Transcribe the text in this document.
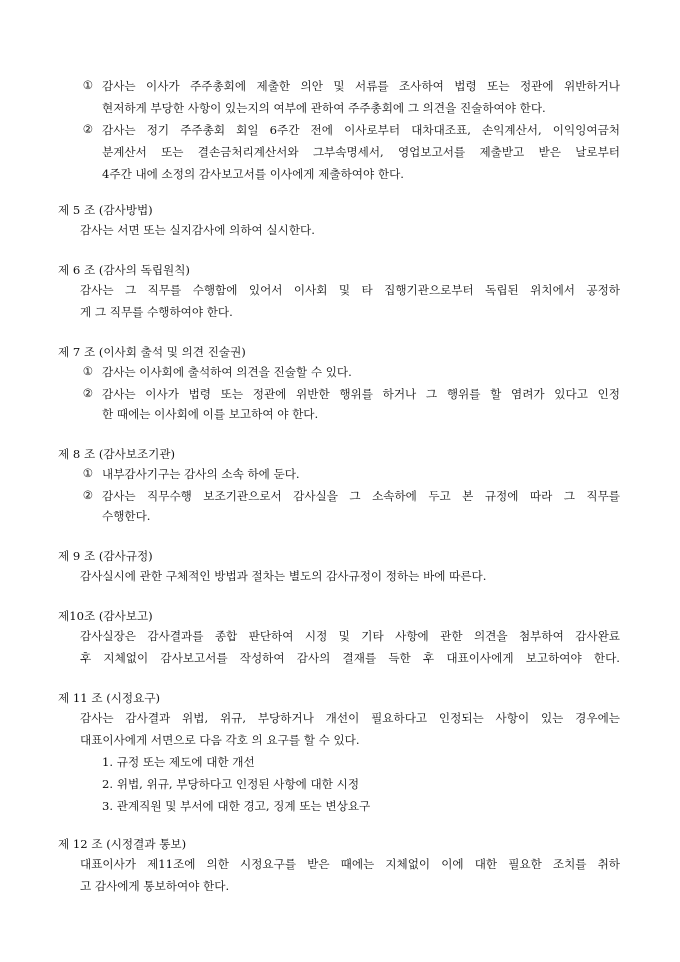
① 감사는 이사가 주주총회에 제출한 의안 및 서류를 조사하여 법령 또는 정관에 위반하거나
현저하게 부당한 사항이 있는지의 여부에 관하여 주주총회에 그 의견을 진술하여야 한다.
② 감사는 정기 주주총회 회일 6주간 전에 이사로부터 대차대조표, 손익계산서, 이익잉여금처
분계산서 또는 결손금처리계산서와 그부속명세서, 영업보고서를 제출받고 받은 날로부터
4주간 내에 소정의 감사보고서를 이사에게 제출하여야 한다.
제 5 조 (감사방법)
감사는 서면 또는 실지감사에 의하여 실시한다.
제 6 조 (감사의 독립원칙)
감사는 그 직무를 수행함에 있어서 이사회 및 타 집행기관으로부터 독립된 위치에서 공정하
게 그 직무를 수행하여야 한다.
제 7 조 (이사회 출석 및 의견 진술권)
① 감사는 이사회에 출석하여 의견을 진술할 수 있다.
② 감사는 이사가 법령 또는 정관에 위반한 행위를 하거나 그 행위를 할 염려가 있다고 인정
한 때에는 이사회에 이를 보고하여 야 한다.
제 8 조 (감사보조기관)
① 내부감사기구는 감사의 소속 하에 둔다.
② 감사는 직무수행 보조기관으로서 감사실을 그 소속하에 두고 본 규정에 따라 그 직무를
수행한다.
제 9 조 (감사규정)
감사실시에 관한 구체적인 방법과 절차는 별도의 감사규정이 정하는 바에 따른다.
제10조 (감사보고)
감사실장은 감사결과를 종합 판단하여 시정 및 기타 사항에 관한 의견을 첨부하여 감사완료
후 지체없이 감사보고서를 작성하여 감사의 결재를 득한 후 대표이사에게 보고하여야 한다.
제 11 조 (시정요구)
감사는 감사결과 위법, 위규, 부당하거나 개선이 필요하다고 인정되는 사항이 있는 경우에는
대표이사에게 서면으로 다음 각호 의 요구를 할 수 있다.
1. 규정 또는 제도에 대한 개선
2. 위법, 위규, 부당하다고 인정된 사항에 대한 시정
3. 관계직원 및 부서에 대한 경고, 징계 또는 변상요구
제 12 조 (시정결과 통보)
대표이사가 제11조에 의한 시정요구를 받은 때에는 지체없이 이에 대한 필요한 조치를 취하
고 감사에게 통보하여야 한다.
